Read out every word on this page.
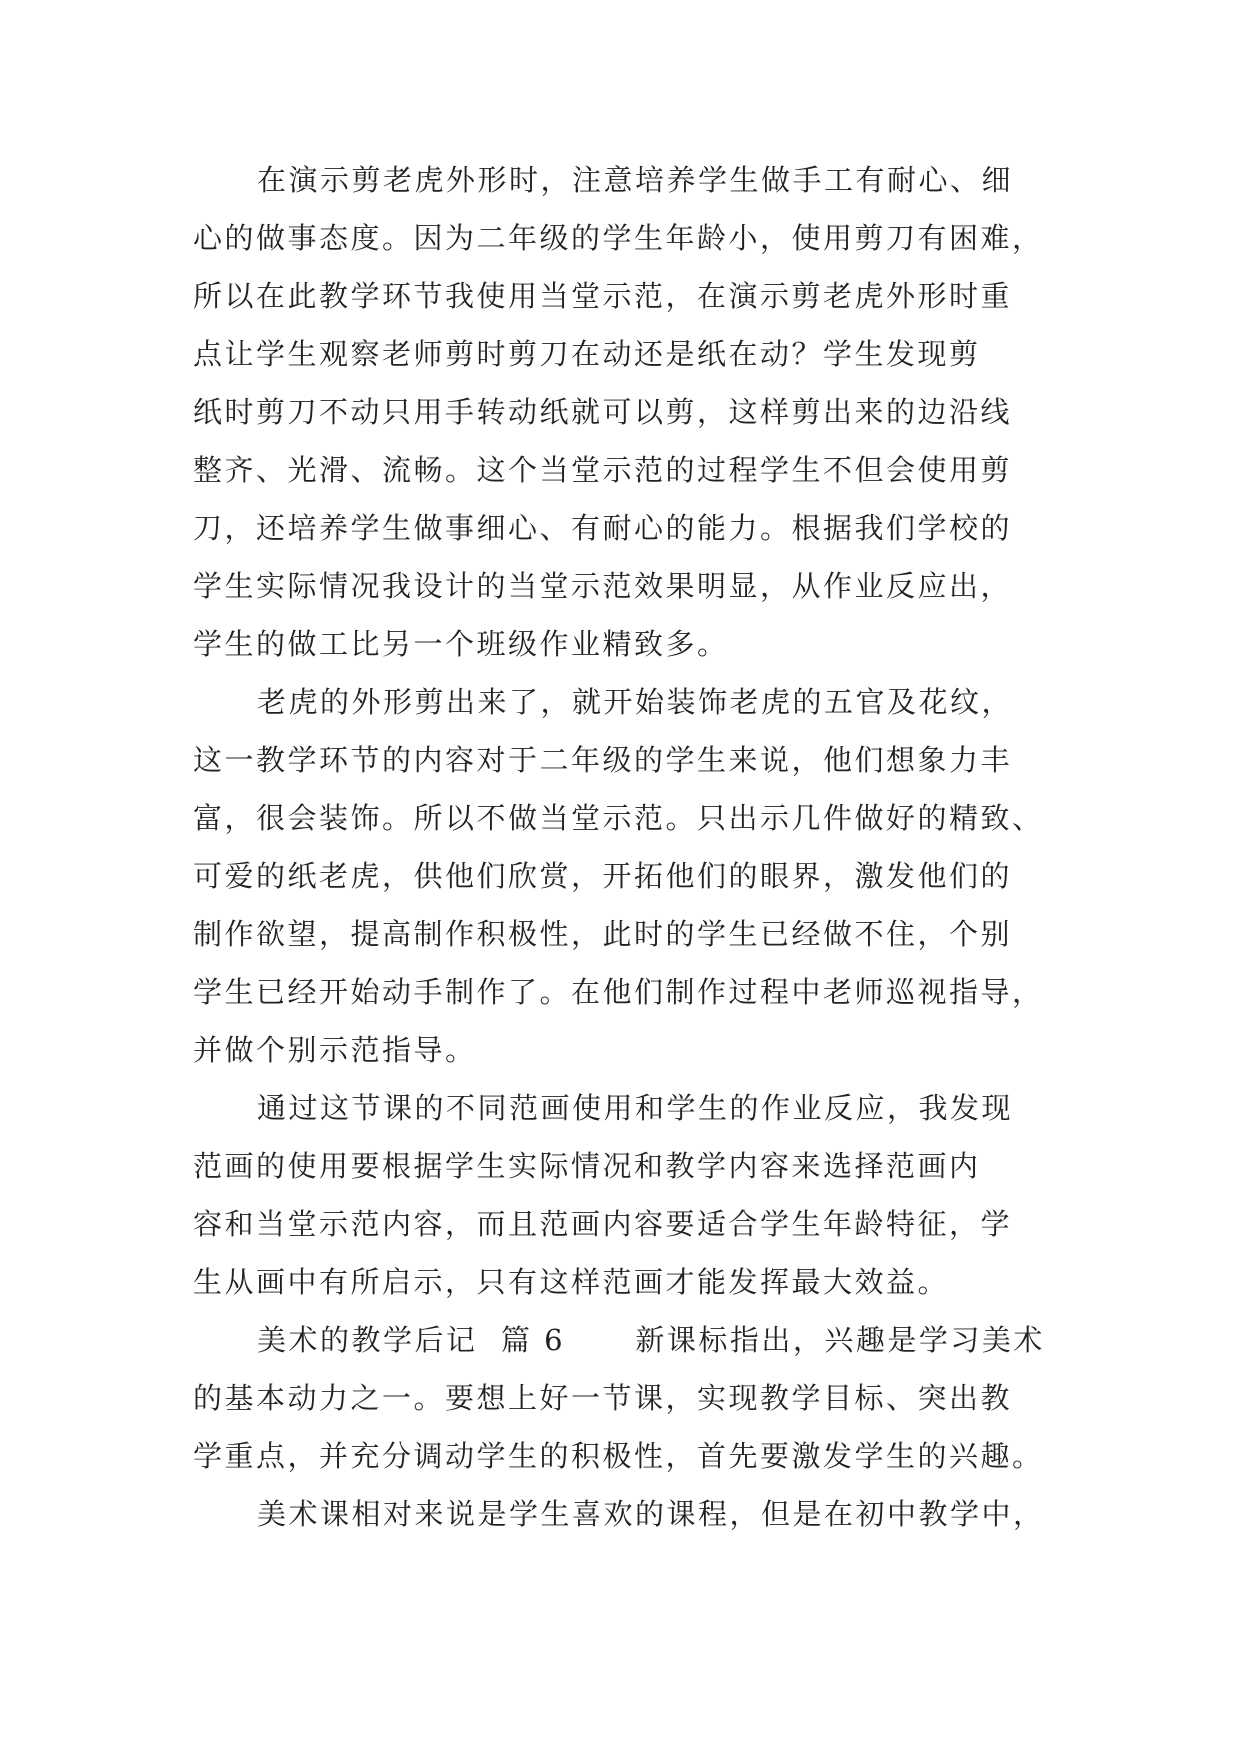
在演示剪老虎外形时，注意培养学生做手工有耐心、细
心的做事态度。因为二年级的学生年龄小，使用剪刀有困难，
所以在此教学环节我使用当堂示范，在演示剪老虎外形时重
点让学生观察老师剪时剪刀在动还是纸在动？学生发现剪
纸时剪刀不动只用手转动纸就可以剪，这样剪出来的边沿线
整齐、光滑、流畅。这个当堂示范的过程学生不但会使用剪
刀，还培养学生做事细心、有耐心的能力。根据我们学校的
学生实际情况我设计的当堂示范效果明显，从作业反应出，
学生的做工比另一个班级作业精致多。
老虎的外形剪出来了，就开始装饰老虎的五官及花纹，
这一教学环节的内容对于二年级的学生来说，他们想象力丰
富，很会装饰。所以不做当堂示范。只出示几件做好的精致、
可爱的纸老虎，供他们欣赏，开拓他们的眼界，激发他们的
制作欲望，提高制作积极性，此时的学生已经做不住，个别
学生已经开始动手制作了。在他们制作过程中老师巡视指导，
并做个别示范指导。
通过这节课的不同范画使用和学生的作业反应，我发现
范画的使用要根据学生实际情况和教学内容来选择范画内
容和当堂示范内容，而且范画内容要适合学生年龄特征，学
生从画中有所启示，只有这样范画才能发挥最大效益。
美术的教学后记  篇 6      新课标指出，兴趣是学习美术
的基本动力之一。要想上好一节课，实现教学目标、突出教
学重点，并充分调动学生的积极性，首先要激发学生的兴趣。
美术课相对来说是学生喜欢的课程，但是在初中教学中，
